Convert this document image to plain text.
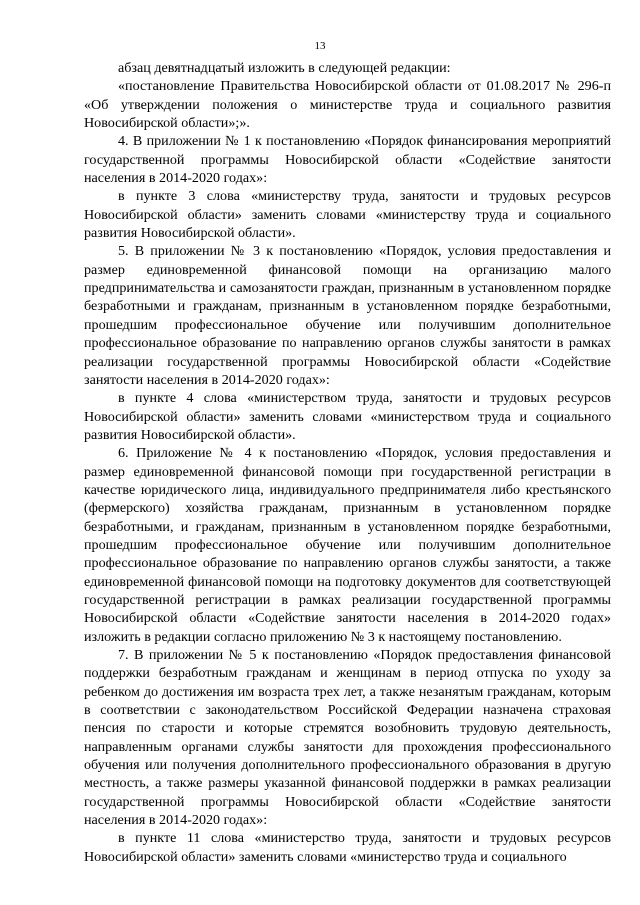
13

абзац девятнадцатый изложить в следующей редакции:

«постановление Правительства Новосибирской области от 01.08.2017 № 296-п «Об утверждении положения о министерстве труда и социального развития Новосибирской области»;».

4. В приложении № 1 к постановлению «Порядок финансирования мероприятий государственной программы Новосибирской области «Содействие занятости населения в 2014-2020 годах»:

в пункте 3 слова «министерству труда, занятости и трудовых ресурсов Новосибирской области» заменить словами «министерству труда и социального развития Новосибирской области».

5. В приложении № 3 к постановлению «Порядок, условия предоставления и размер единовременной финансовой помощи на организацию малого предпринимательства и самозанятости граждан, признанным в установленном порядке безработными и гражданам, признанным в установленном порядке безработными, прошедшим профессиональное обучение или получившим дополнительное профессиональное образование по направлению органов службы занятости в рамках реализации государственной программы Новосибирской области «Содействие занятости населения в 2014-2020 годах»:

в пункте 4 слова «министерством труда, занятости и трудовых ресурсов Новосибирской области» заменить словами «министерством труда и социального развития Новосибирской области».

6. Приложение № 4 к постановлению «Порядок, условия предоставления и размер единовременной финансовой помощи при государственной регистрации в качестве юридического лица, индивидуального предпринимателя либо крестьянского (фермерского) хозяйства гражданам, признанным в установленном порядке безработными, и гражданам, признанным в установленном порядке безработными, прошедшим профессиональное обучение или получившим дополнительное профессиональное образование по направлению органов службы занятости, а также единовременной финансовой помощи на подготовку документов для соответствующей государственной регистрации в рамках реализации государственной программы Новосибирской области «Содействие занятости населения в 2014-2020 годах» изложить в редакции согласно приложению № 3 к настоящему постановлению.

7. В приложении № 5 к постановлению «Порядок предоставления финансовой поддержки безработным гражданам и женщинам в период отпуска по уходу за ребенком до достижения им возраста трех лет, а также незанятым гражданам, которым в соответствии с законодательством Российской Федерации назначена страховая пенсия по старости и которые стремятся возобновить трудовую деятельность, направленным органами службы занятости для прохождения профессионального обучения или получения дополнительного профессионального образования в другую местность, а также размеры указанной финансовой поддержки в рамках реализации государственной программы Новосибирской области «Содействие занятости населения в 2014-2020 годах»:

в пункте 11 слова «министерство труда, занятости и трудовых ресурсов Новосибирской области» заменить словами «министерство труда и социального
